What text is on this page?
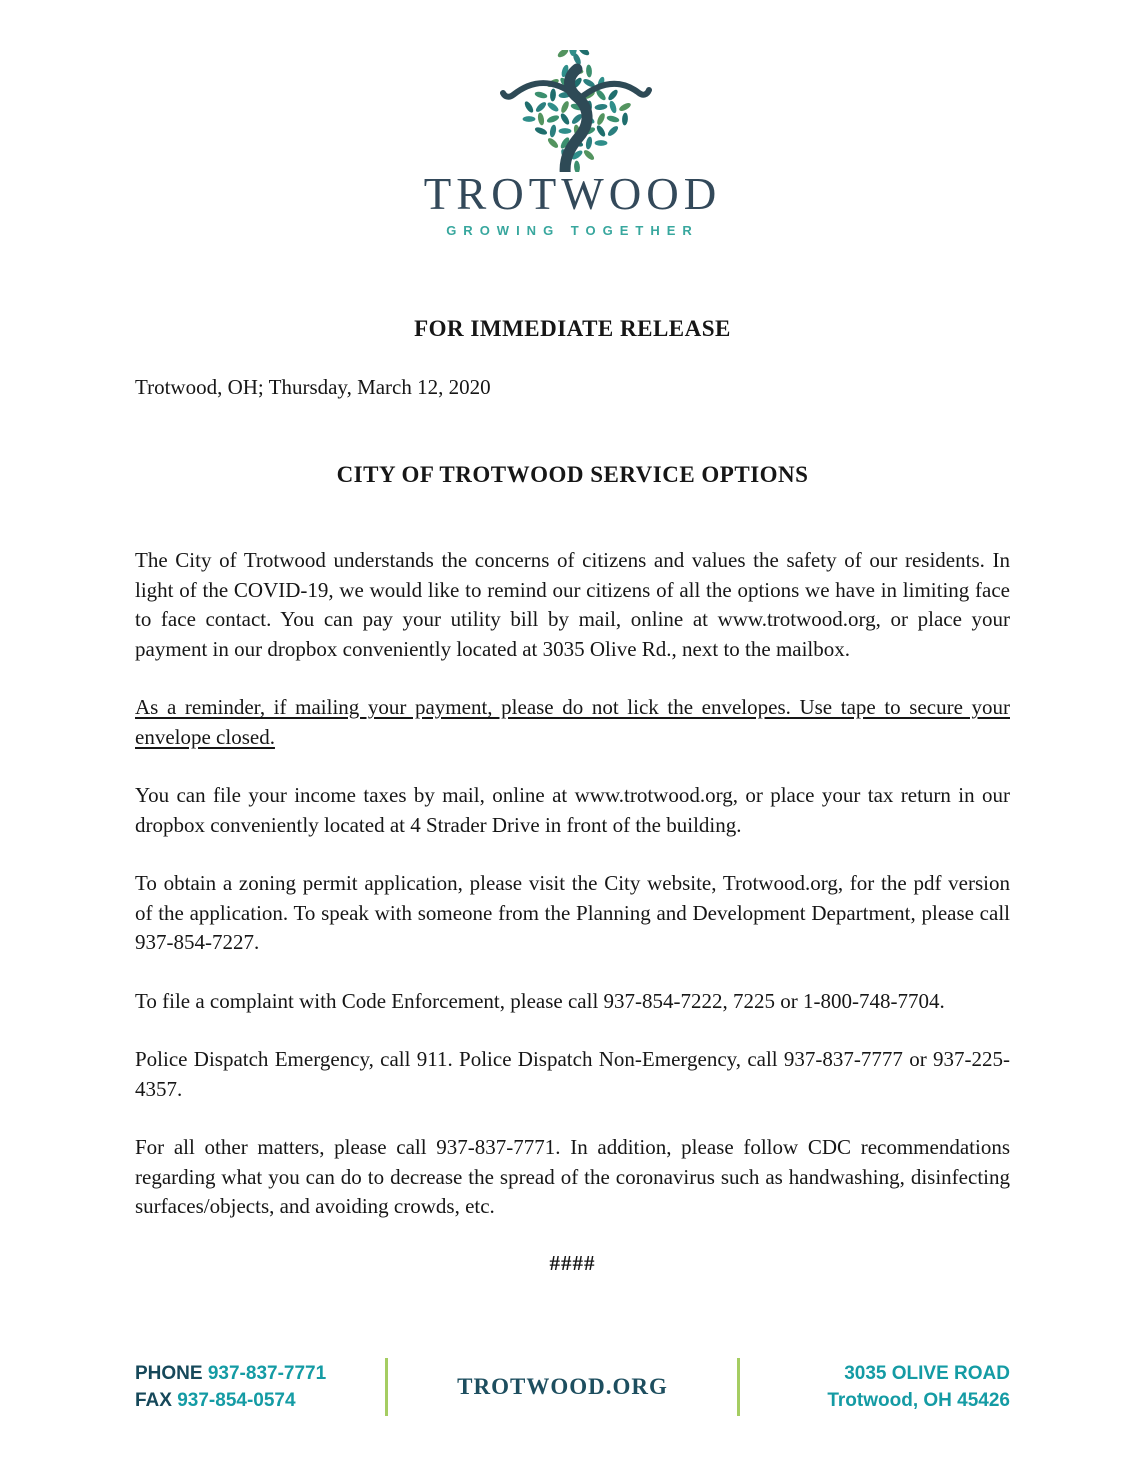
TROTWOOD
GROWING TOGETHER
FOR IMMEDIATE RELEASE
Trotwood, OH; Thursday, March 12, 2020
CITY OF TROTWOOD SERVICE OPTIONS

The City of Trotwood understands the concerns of citizens and values the safety of our residents. In light of the COVID-19, we would like to remind our citizens of all the options we have in limiting face to face contact. You can pay your utility bill by mail, online at www.trotwood.org, or place your payment in our dropbox conveniently located at 3035 Olive Rd., next to the mailbox.

As a reminder, if mailing your payment, please do not lick the envelopes. Use tape to secure your envelope closed.

You can file your income taxes by mail, online at www.trotwood.org, or place your tax return in our dropbox conveniently located at 4 Strader Drive in front of the building.

To obtain a zoning permit application, please visit the City website, Trotwood.org, for the pdf version of the application. To speak with someone from the Planning and Development Department, please call 937-854-7227.

To file a complaint with Code Enforcement, please call 937-854-7222, 7225 or 1-800-748-7704.

Police Dispatch Emergency, call 911. Police Dispatch Non-Emergency, call 937-837-7777 or 937-225-4357.

For all other matters, please call 937-837-7771. In addition, please follow CDC recommendations regarding what you can do to decrease the spread of the coronavirus such as handwashing, disinfecting surfaces/objects, and avoiding crowds, etc.

####
PHONE 937-837-7771
FAX 937-854-0574
TROTWOOD.ORG
3035 OLIVE ROAD
Trotwood, OH 45426
